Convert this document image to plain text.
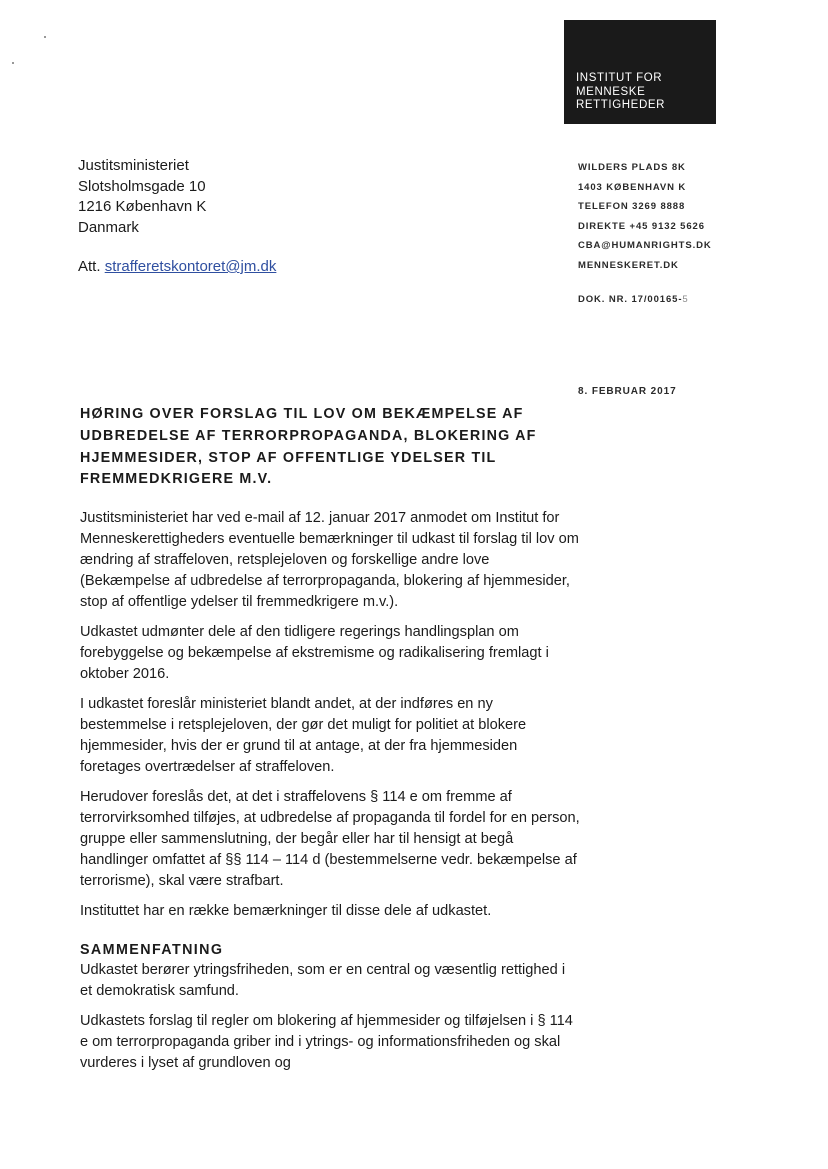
INSTITUT FOR
MENNESKE
RETTIGHEDER
Justitsministeriet
Slotsholmsgade 10
1216 København K
Danmark
Att. strafferetskontoret@jm.dk
WILDERS PLADS 8K
1403 KØBENHAVN K
TELEFON 3269 8888
DIREKTE +45 9132 5626
CBA@HUMANRIGHTS.DK
MENNESKERET.DK
DOK. NR. 17/00165-5
8. FEBRUAR 2017
HØRING OVER FORSLAG TIL LOV OM BEKÆMPELSE AF UDBREDELSE AF TERRORPROPAGANDA, BLOKERING AF HJEMMESIDER, STOP AF OFFENTLIGE YDELSER TIL FREMMEDKRIGERE M.V.

Justitsministeriet har ved e-mail af 12. januar 2017 anmodet om Institut for Menneskerettigheders eventuelle bemærkninger til udkast til forslag til lov om ændring af straffeloven, retsplejeloven og forskellige andre love (Bekæmpelse af udbredelse af terrorpropaganda, blokering af hjemmesider, stop af offentlige ydelser til fremmedkrigere m.v.).

Udkastet udmønter dele af den tidligere regerings handlingsplan om forebyggelse og bekæmpelse af ekstremisme og radikalisering fremlagt i oktober 2016.

I udkastet foreslår ministeriet blandt andet, at der indføres en ny bestemmelse i retsplejeloven, der gør det muligt for politiet at blokere hjemmesider, hvis der er grund til at antage, at der fra hjemmesiden foretages overtrædelser af straffeloven.

Herudover foreslås det, at det i straffelovens § 114 e om fremme af terrorvirksomhed tilføjes, at udbredelse af propaganda til fordel for en person, gruppe eller sammenslutning, der begår eller har til hensigt at begå handlinger omfattet af §§ 114 – 114 d (bestemmelserne vedr. bekæmpelse af terrorisme), skal være strafbart.

Instituttet har en række bemærkninger til disse dele af udkastet.

SAMMENFATNING

Udkastet berører ytringsfriheden, som er en central og væsentlig rettighed i et demokratisk samfund.

Udkastets forslag til regler om blokering af hjemmesider og tilføjelsen i § 114 e om terrorpropaganda griber ind i ytrings- og informationsfriheden og skal vurderes i lyset af grundloven og
